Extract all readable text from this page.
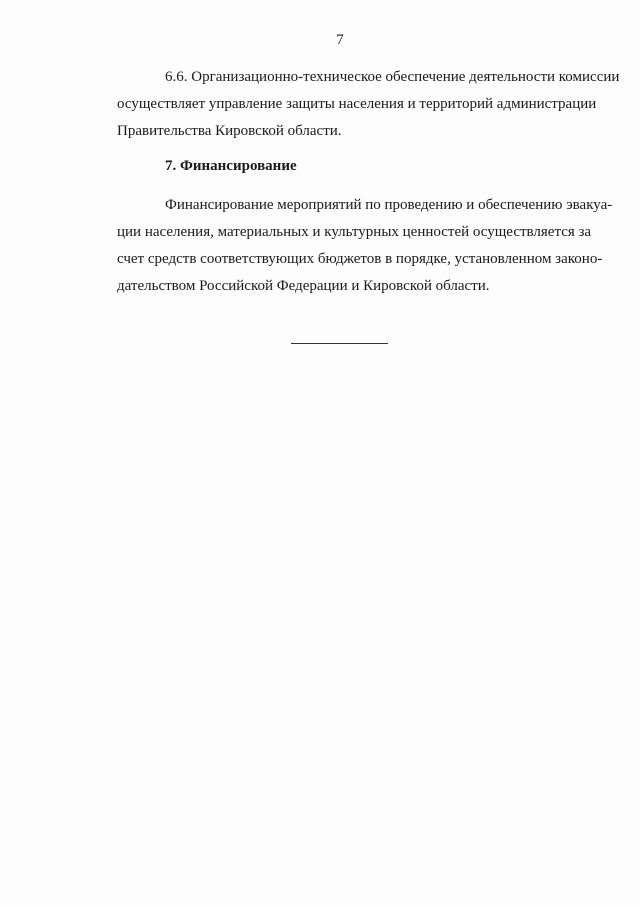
7
6.6. Организационно-техническое обеспечение деятельности комиссии
осуществляет управление защиты населения и территорий администрации
Правительства Кировской области.
7. Финансирование
Финансирование мероприятий по проведению и обеспечению эвакуа-
ции населения, материальных и культурных ценностей осуществляется за
счет средств соответствующих бюджетов в порядке, установленном законо-
дательством Российской Федерации и Кировской области.
